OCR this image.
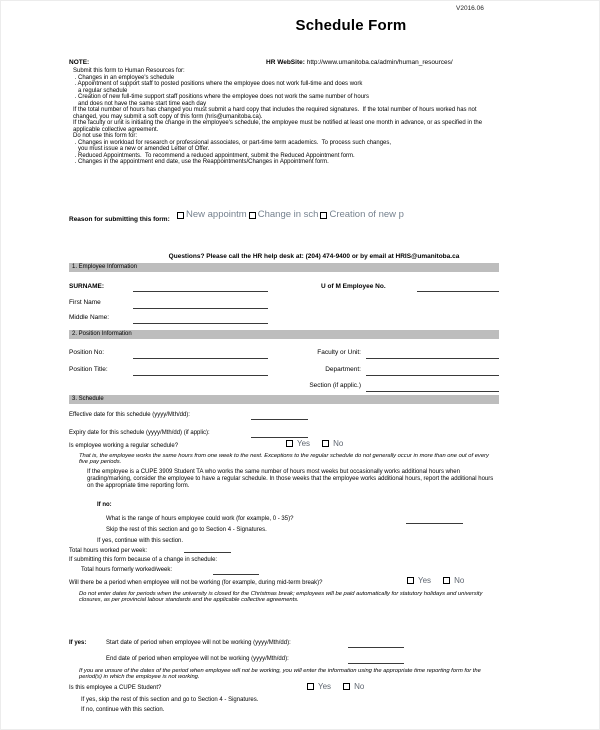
V2016.06
Schedule Form
NOTE:	HR WebSite: http://www.umanitoba.ca/admin/human_resources/
Submit this form to Human Resources for:
. Changes in an employee's schedule
. Appointment of support staff to posted positions where the employee does not work full-time and does work
a regular schedule
. Creation of new full-time support staff positions where the employee does not work the same number of hours
and does not have the same start time each day
If the total number of hours has changed you must submit a hard copy that includes the required signatures.  If the total number of hours worked has not
changed, you may submit a soft copy of this form (hris@umanitoba.ca).
If the faculty or unit is initiating the change in the employee's schedule, the employee must be notified at least one month in advance, or as specified in the
applicable collective agreement.
Do not use this form for:
. Changes in workload for research or professional associates, or part-time term academics.  To process such changes,
you must issue a new or amended Letter of Offer.
. Reduced Appointments.  To recommend a reduced appointment, submit the Reduced Appointment form.
. Changes in the appointment end date, use the Reappointments/Changes in Appointment form.
Reason for submitting this form: New appointm Change in sch Creation of new p
Questions? Please call the HR help desk at: (204) 474-9400 or by email at HRIS@umanitoba.ca
1. Employee Information
SURNAME:	U of M Employee No.
First Name
Middle Name:
2. Position Information
Position No:	Faculty or Unit:
Position Title:	Department:
Section (if applic.)
3. Schedule
Effective date for this schedule (yyyy/Mth/dd):
Expiry date for this schedule (yyyy/Mth/dd) (if applic):
Is employee working a regular schedule?	Yes	No
That is, the employee works the same hours from one week to the next. Exceptions to the regular schedule do not generally occur in more than one out of every five pay periods.
If the employee is a CUPE 3909 Student TA who works the same number of hours most weeks but occasionally works additional hours when grading/marking, consider the employee to have a regular schedule. In those weeks that the employee works additional hours, report the additional hours on the appropriate time reporting form.
If no:
What is the range of hours employee could work (for example, 0 - 35)?
Skip the rest of this section and go to Section 4 - Signatures.
If yes, continue with this section.
Total hours worked per week:
If submitting this form because of a change in schedule:
Total hours formerly worked/week:
Will there be a period when employee will not be working (for example, during mid-term break)?	Yes	No
Do not enter dates for periods when the university is closed for the Christmas break; employees will be paid automatically for statutory holidays and university closures, as per provincial labour standards and the applicable collective agreements.
If yes:	Start date of period when employee will not be working (yyyy/Mth/dd):
End date of period when employee will not be working (yyyy/Mth/dd):
If you are unsure of the dates of the period when employee will not be working, you will enter the information using the appropriate time reporting form for the period(s) in which the employee is not working.
Is this employee a CUPE Student?	Yes	No
If yes, skip the rest of this section and go to Section 4 - Signatures.
If no, continue with this section.
